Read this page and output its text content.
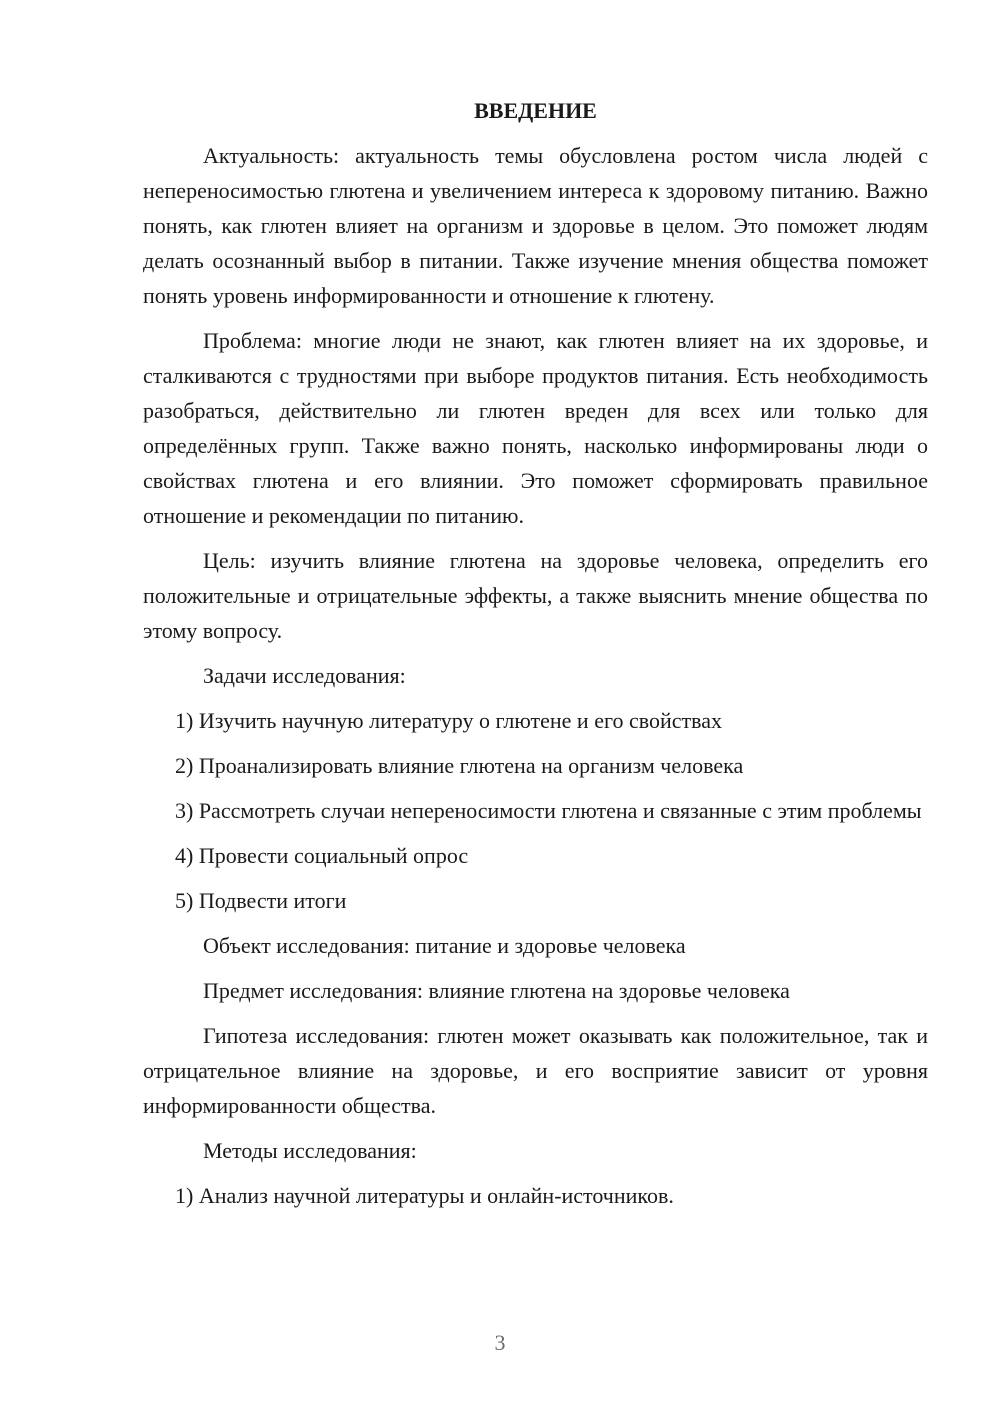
ВВЕДЕНИЕ

Актуальность: актуальность темы обусловлена ростом числа людей с непереносимостью глютена и увеличением интереса к здоровому питанию. Важно понять, как глютен влияет на организм и здоровье в целом. Это поможет людям делать осознанный выбор в питании. Также изучение мнения общества поможет понять уровень информированности и отношение к глютену.

Проблема: многие люди не знают, как глютен влияет на их здоровье, и сталкиваются с трудностями при выборе продуктов питания. Есть необходимость разобраться, действительно ли глютен вреден для всех или только для определённых групп. Также важно понять, насколько информированы люди о свойствах глютена и его влиянии. Это поможет сформировать правильное отношение и рекомендации по питанию.

Цель: изучить влияние глютена на здоровье человека, определить его положительные и отрицательные эффекты, а также выяснить мнение общества по этому вопросу.

Задачи исследования:

1) Изучить научную литературу о глютене и его свойствах

2) Проанализировать влияние глютена на организм человека

3) Рассмотреть случаи непереносимости глютена и связанные с этим проблемы

4) Провести социальный опрос

5) Подвести итоги

Объект исследования: питание и здоровье человека

Предмет исследования: влияние глютена на здоровье человека

Гипотеза исследования: глютен может оказывать как положительное, так и отрицательное влияние на здоровье, и его восприятие зависит от уровня информированности общества.

Методы исследования:

1) Анализ научной литературы и онлайн-источников.

3
